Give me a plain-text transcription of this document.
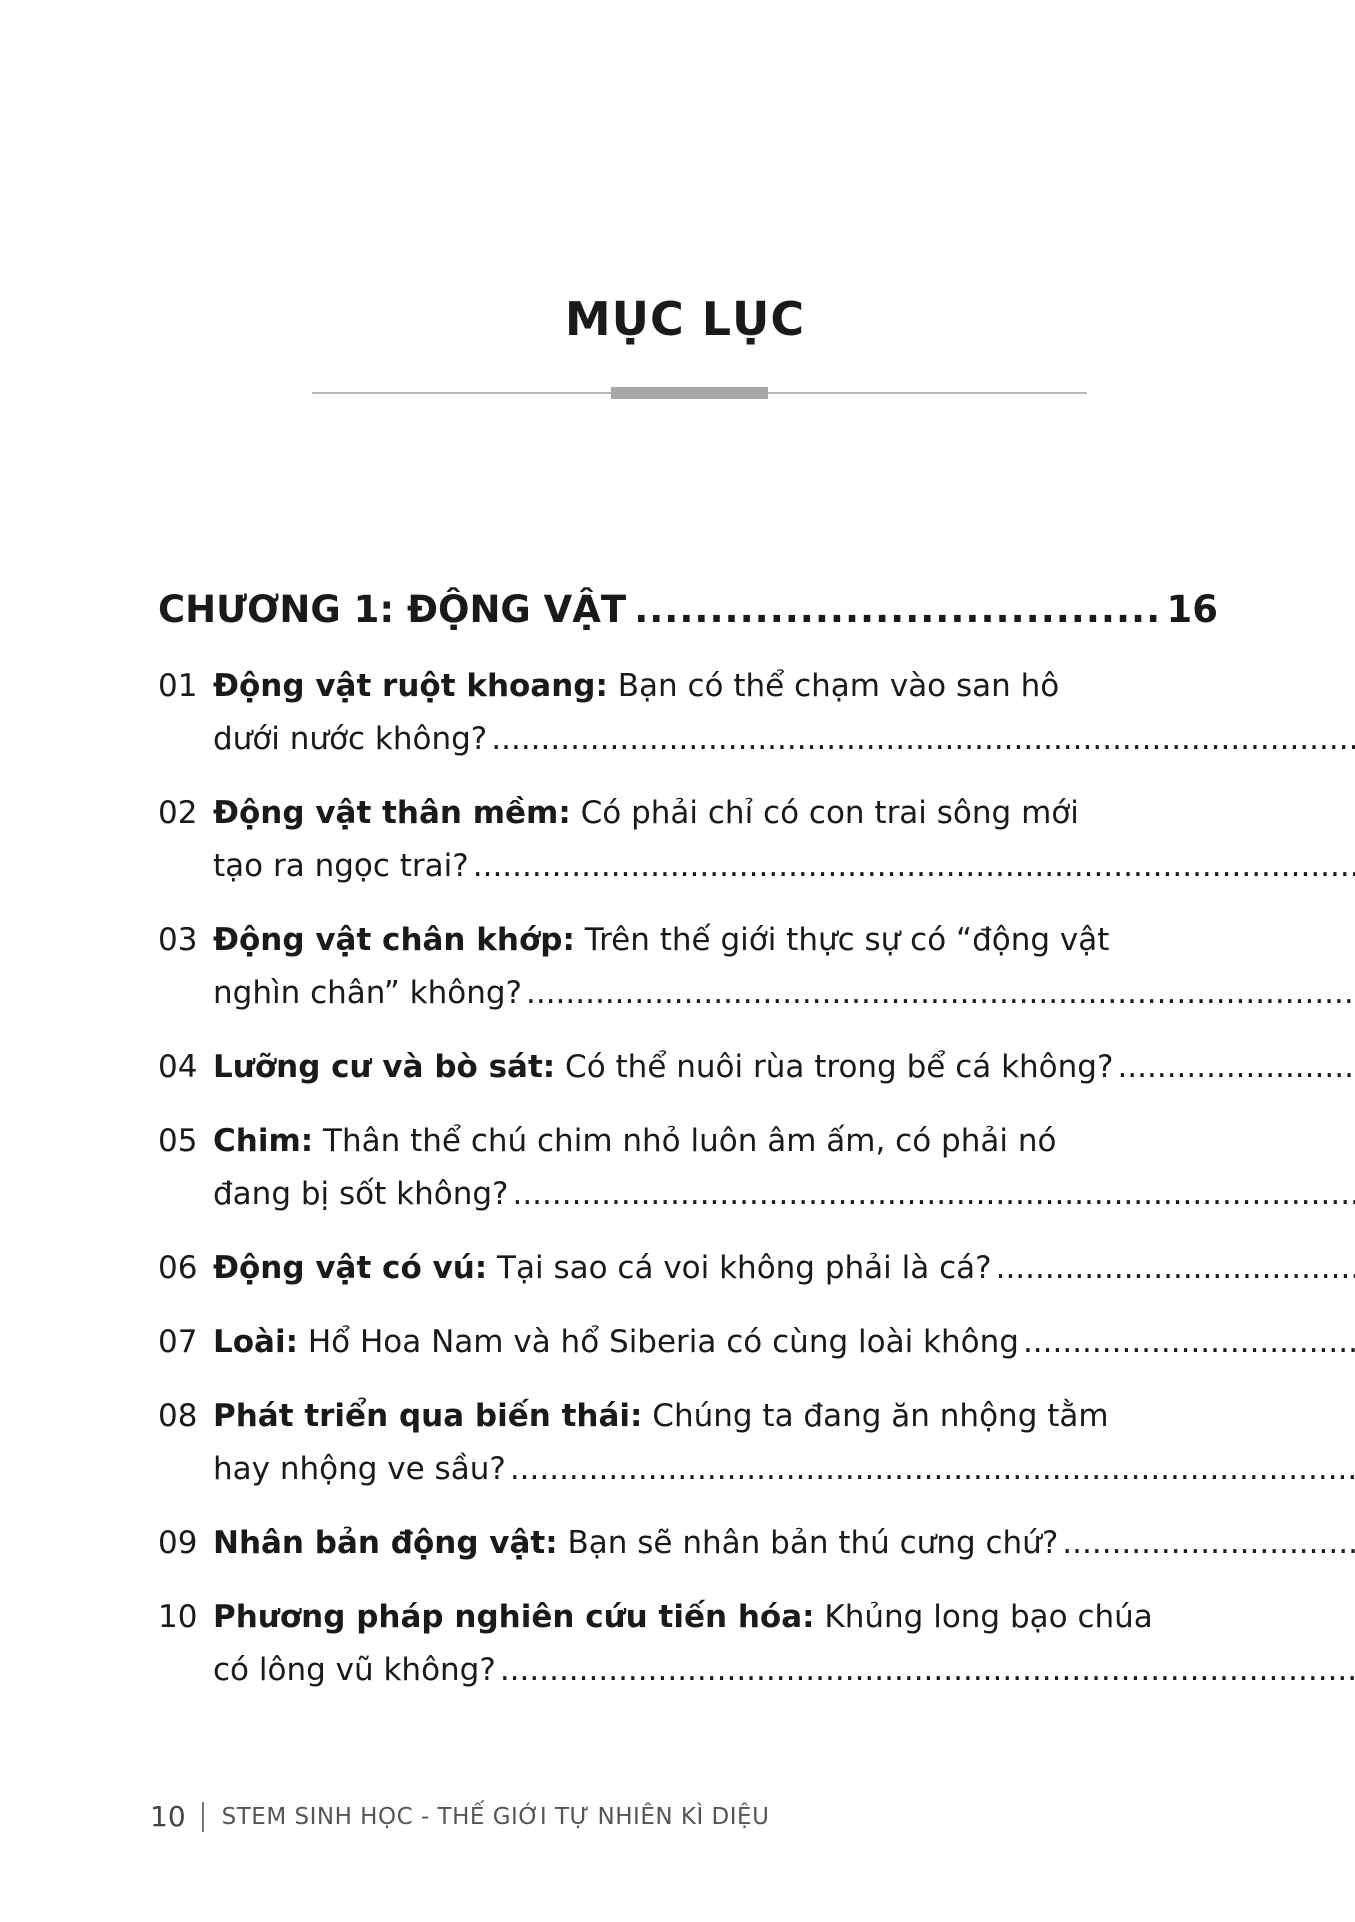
MỤC LỤC
CHƯƠNG 1: ĐỘNG VẬT
.....	16
01 Động vật ruột khoang: Bạn có thể chạm vào san hô
dưới nước không?
.....
02 Động vật thân mềm: Có phải chỉ có con trai sông mới
tạo ra ngọc trai?
.....
03 Động vật chân khớp: Trên thế giới thực sự có “động vật
nghìn chân” không?
.....
04 Lưỡng cư và bò sát: Có thể nuôi rùa trong bể cá không?
.....
05 Chim: Thân thể chú chim nhỏ luôn âm ấm, có phải nó
đang bị sốt không?
.....
06 Động vật có vú: Tại sao cá voi không phải là cá?
.....
07 Loài: Hổ Hoa Nam và hổ Siberia có cùng loài không
.....
08 Phát triển qua biến thái: Chúng ta đang ăn nhộng tằm
hay nhộng ve sầu?
.....
09 Nhân bản động vật: Bạn sẽ nhân bản thú cưng chứ?
.....
10 Phương pháp nghiên cứu tiến hóa: Khủng long bạo chúa
có lông vũ không?
.....
10 STEM SINH HỌC - THẾ GIỚI TỰ NHIÊN KÌ DIỆU
